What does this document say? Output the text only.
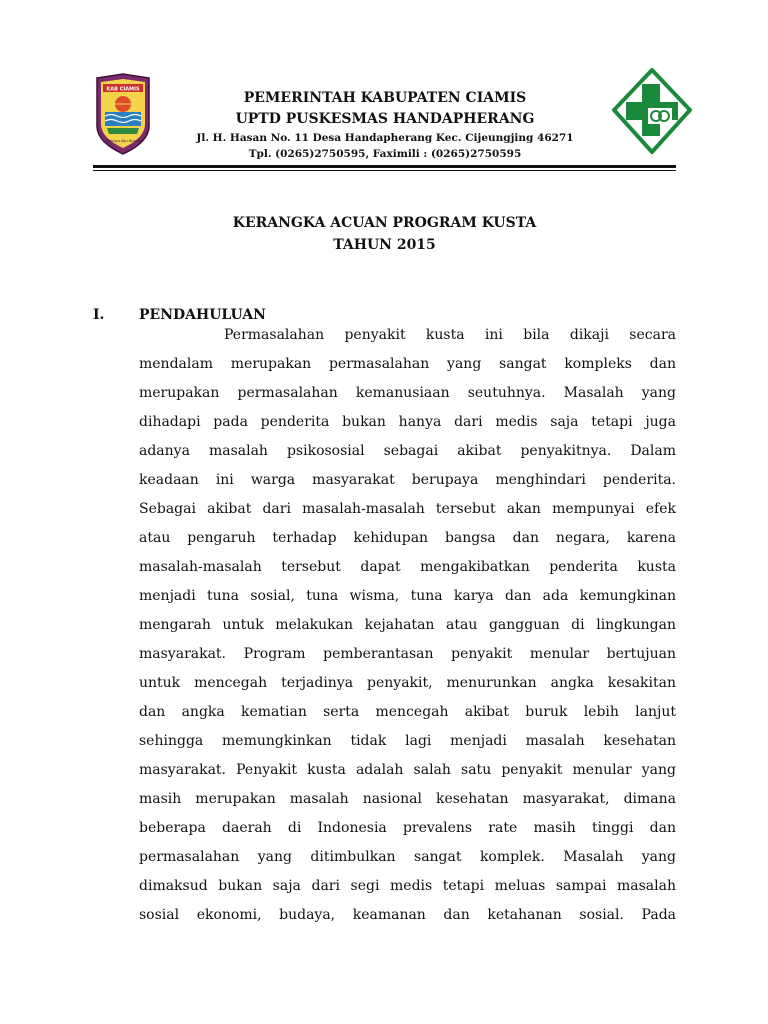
KAB CIAMIS
Mahayu Ayu Buana
PEMERINTAH KABUPATEN CIAMIS
UPTD PUSKESMAS HANDAPHERANG
Jl. H. Hasan No. 11 Desa Handapherang Kec. Cijeungjing 46271
Tpl. (0265)2750595, Faximili : (0265)2750595
KERANGKA ACUAN PROGRAM KUSTA
TAHUN 2015
I. PENDAHULUAN
Permasalahan penyakit kusta ini bila dikaji secara
mendalam merupakan permasalahan yang sangat kompleks dan
merupakan permasalahan kemanusiaan seutuhnya. Masalah yang
dihadapi pada penderita bukan hanya dari medis saja tetapi juga
adanya masalah psikososial sebagai akibat penyakitnya. Dalam
keadaan ini warga masyarakat berupaya menghindari penderita.
Sebagai akibat dari masalah-masalah tersebut akan mempunyai efek
atau pengaruh terhadap kehidupan bangsa dan negara, karena
masalah-masalah tersebut dapat mengakibatkan penderita kusta
menjadi tuna sosial, tuna wisma, tuna karya dan ada kemungkinan
mengarah untuk melakukan kejahatan atau gangguan di lingkungan
masyarakat. Program pemberantasan penyakit menular bertujuan
untuk mencegah terjadinya penyakit, menurunkan angka kesakitan
dan angka kematian serta mencegah akibat buruk lebih lanjut
sehingga memungkinkan tidak lagi menjadi masalah kesehatan
masyarakat. Penyakit kusta adalah salah satu penyakit menular yang
masih merupakan masalah nasional kesehatan masyarakat, dimana
beberapa daerah di Indonesia prevalens rate masih tinggi dan
permasalahan yang ditimbulkan sangat komplek. Masalah yang
dimaksud bukan saja dari segi medis tetapi meluas sampai masalah
sosial ekonomi, budaya, keamanan dan ketahanan sosial. Pada
